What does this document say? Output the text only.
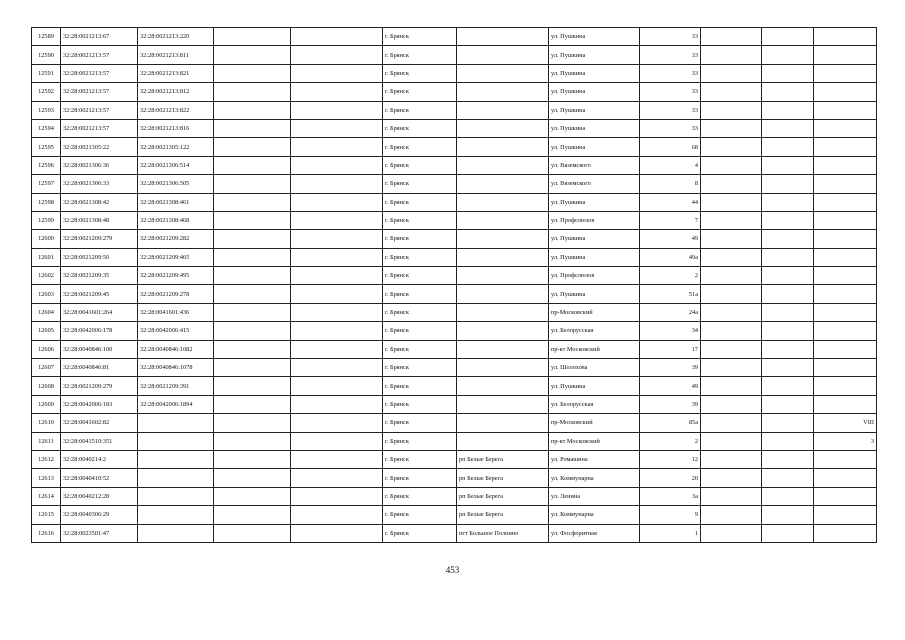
12589	32:28:0021213:67	32:28:0021213:220			г. Брянск		ул. Пушкина		33			
12590	32:28:0021213:57	32:28:0021213:811			г. Брянск		ул. Пушкина		33			
12591	32:28:0021213:57	32:28:0021213:821			г. Брянск		ул. Пушкина		33			
12592	32:28:0021213:57	32:28:0021213:812			г. Брянск		ул. Пушкина		33			
12593	32:28:0021213:57	32:28:0021213:822			г. Брянск		ул. Пушкина		33			
12594	32:28:0021213:57	32:28:0021213:816			г. Брянск		ул. Пушкина		33			
12595	32:28:0021305:22	32:28:0021305:122			г. Брянск		ул. Пушкина		68			
12596	32:28:0021306:36	32:28:0021306:514			г. Брянск		ул. Вяземского		4			
12597	32:28:0021306:33	32:28:0021306:505			г. Брянск		ул. Вяземского		8			
12598	32:28:0021308:42	32:28:0021308:461			г. Брянск		ул. Пушкина		44			
12599	32:28:0021308:48	32:28:0021308:468			г. Брянск		ул. Профсоюзов		7			
12600	32:28:0021209:279	32:28:0021209:282			г. Брянск		ул. Пушкина		49			
12601	32:28:0021209:50	32:28:0021209:465			г. Брянск		ул. Пушкина		49а			
12602	32:28:0021209:35	32:28:0021209:495			г. Брянск		ул. Профсоюзов		2			
12603	32:28:0021209:45	32:28:0021209:278			г. Брянск		ул. Пушкина		51а			
12604	32:28:0041601:264	32:28:0041601:436			г. Брянск		пр-Московский		24а			
12605	32:28:0042006:178	32:28:0042006:415			г. Брянск		ул. Белорусская		34			
12606	32:28:0040846:100	32:28:0040846:1082			г. Брянск		пр-кт Московский		17			
12607	32:28:0040846:81	32:28:0040846:1078			г. Брянск		ул. Шолохова		39			
12608	32:28:0021209:279	32:28:0021209:391			г. Брянск		ул. Пушкина		49			
12609	32:28:0042006:183	32:28:0042006:1894			г. Брянск		ул. Белорусская		39			
12610	32:28:0041602:82				г. Брянск		пр-Московский		85а			VIII
12611	32:28:0041510:351				г. Брянск		пр-кт Московский		2			3
12612	32:28:0040214:2				г. Брянск	рп Белые Берега	ул. Ромашина		12			
12613	32:28:0040410:52				г. Брянск	рп Белые Берега	ул. Коммунарна		20			
12614	32:28:0040212:28				г. Брянск	рп Белые Берега	ул. Ленина		3а			
12615	32:28:0040306:29				г. Брянск	рп Белые Берега	ул. Коммунарна		9			
12616	32:28:0023501:47				г. Брянск	пгт Большое Полпино	ул. Фосфоритная		1			
453
